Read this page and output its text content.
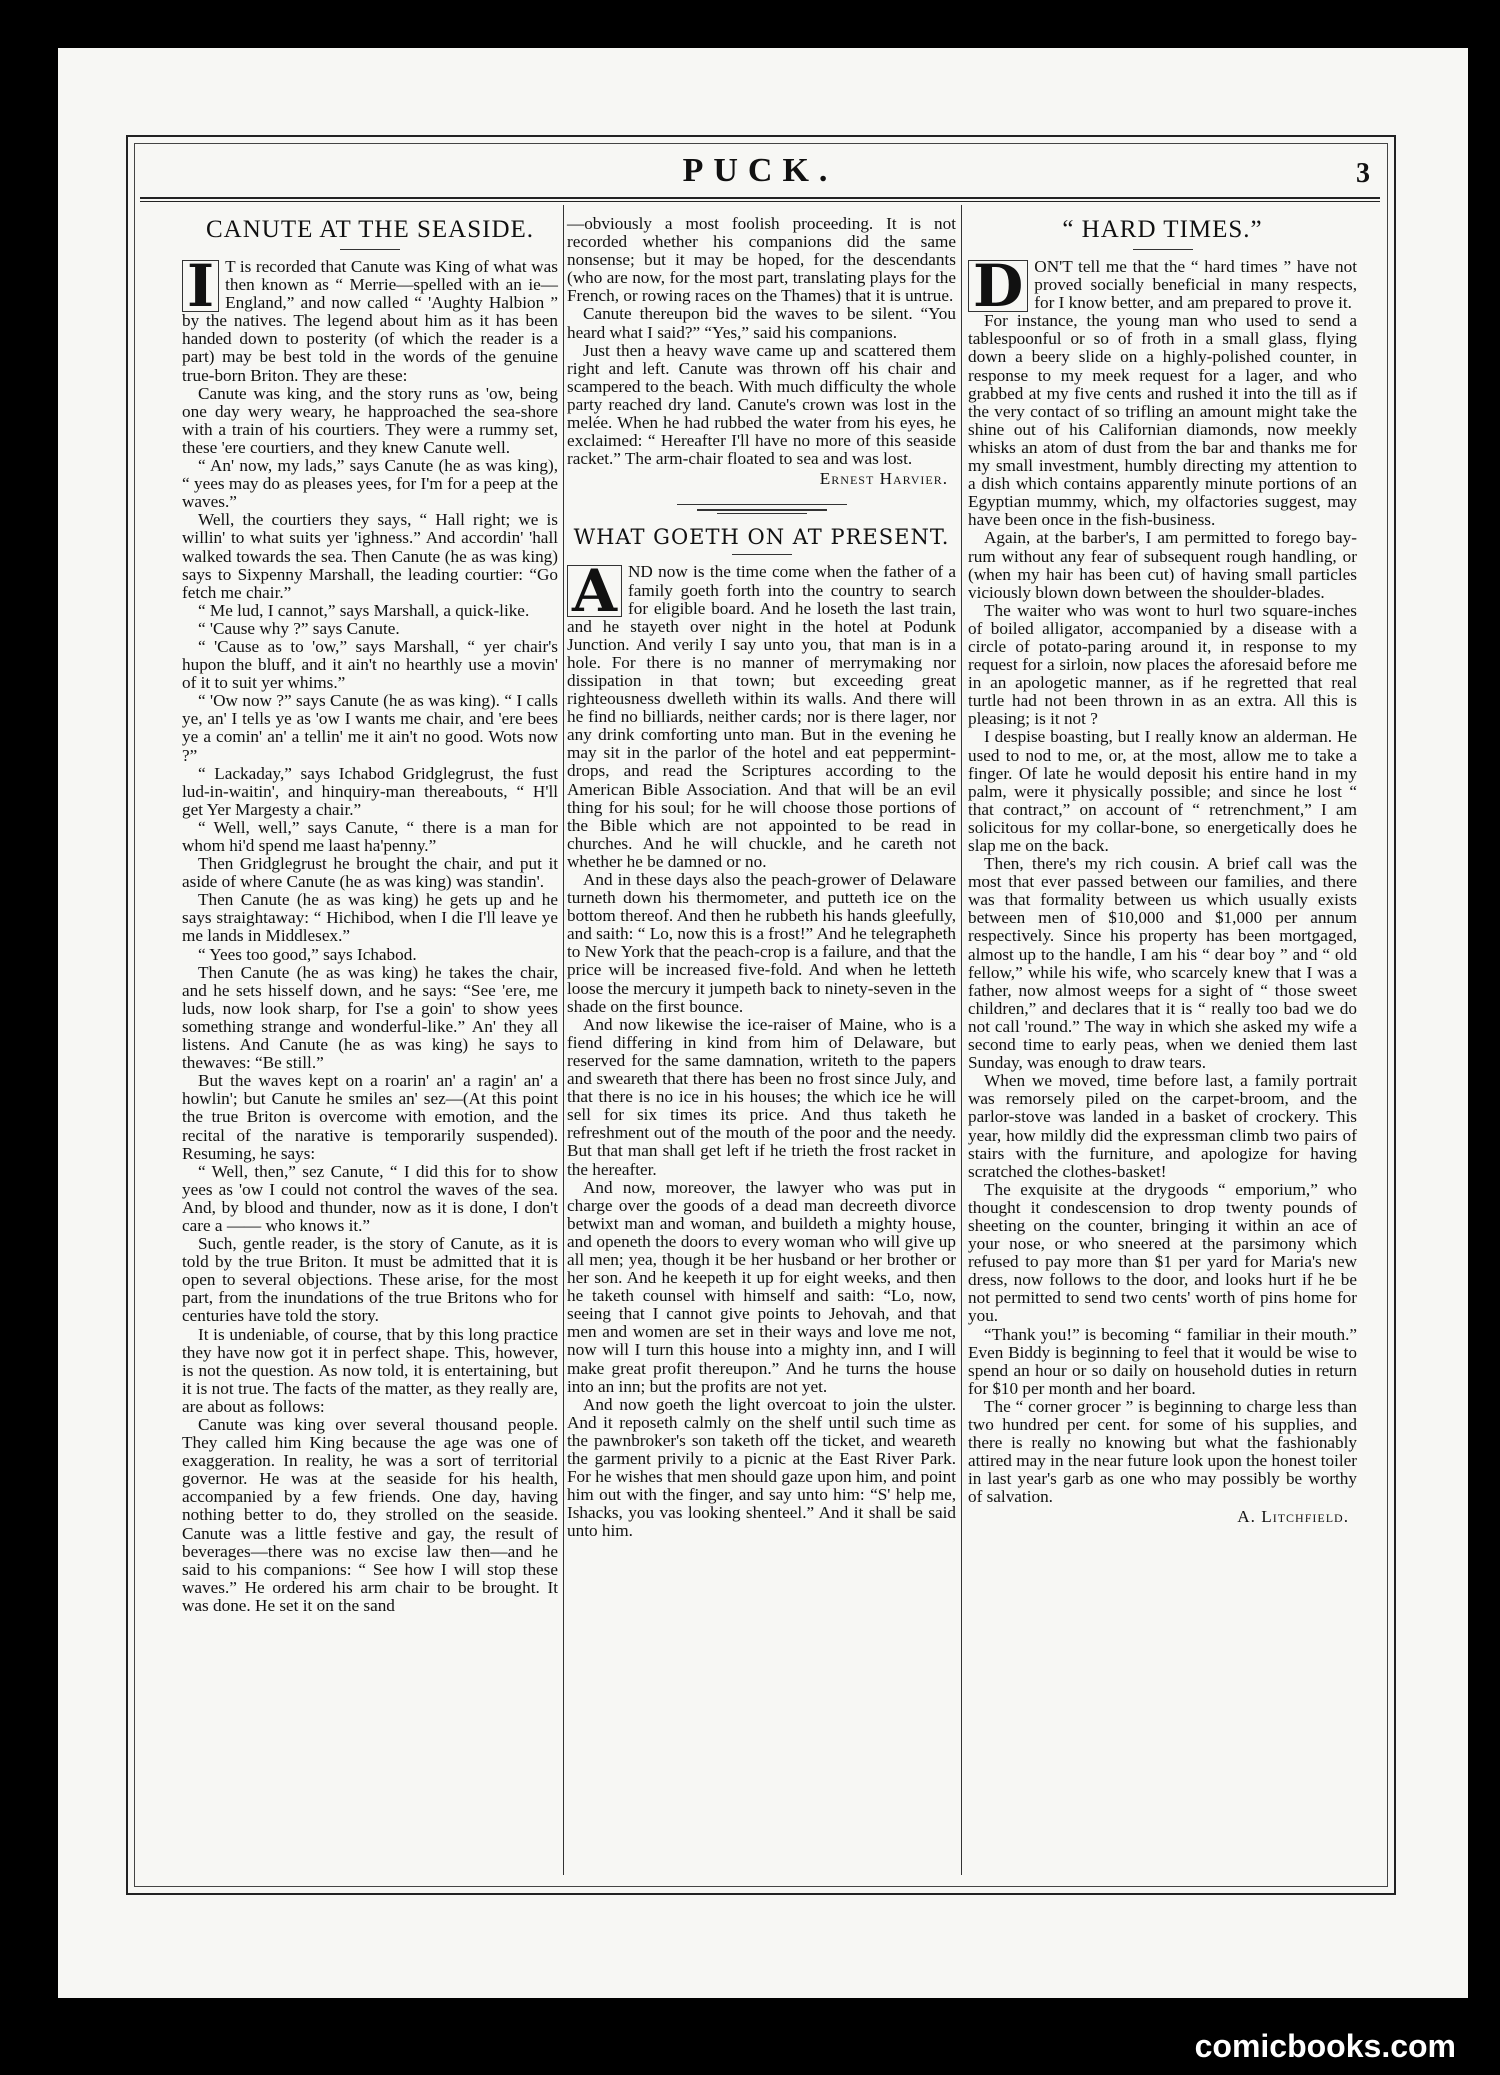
PUCK.	3
CANUTE AT THE SEASIDE.
I T is recorded that Canute was King of what was then known as “ Merrie—spelled with an ie—England,” and now called “ 'Aughty Halbion ” by the natives. The legend about him as it has been handed down to posterity (of which the reader is a part) may be best told in the words of the genuine true-born Briton. They are these:

Canute was king, and the story runs as 'ow, being one day wery weary, he happroached the sea-shore with a train of his courtiers. They were a rummy set, these 'ere courtiers, and they knew Canute well.

“ An' now, my lads,” says Canute (he as was king), “ yees may do as pleases yees, for I'm for a peep at the waves.”

Well, the courtiers they says, “ Hall right; we is willin' to what suits yer 'ighness.” And accordin' 'hall walked towards the sea. Then Canute (he as was king) says to Sixpenny Marshall, the leading courtier: “Go fetch me chair.”

“ Me lud, I cannot,” says Marshall, a quick-like.

“ 'Cause why ?” says Canute.

“ 'Cause as to 'ow,” says Marshall, “ yer chair's hupon the bluff, and it ain't no hearthly use a movin' of it to suit yer whims.”

“ 'Ow now ?” says Canute (he as was king). “ I calls ye, an' I tells ye as 'ow I wants me chair, and 'ere bees ye a comin' an' a tellin' me it ain't no good. Wots now ?”

“ Lackaday,” says Ichabod Gridglegrust, the fust lud-in-waitin', and hinquiry-man thereabouts, “ H'll get Yer Margesty a chair.”

“ Well, well,” says Canute, “ there is a man for whom hi'd spend me laast ha'penny.”

Then Gridglegrust he brought the chair, and put it aside of where Canute (he as was king) was standin'.

Then Canute (he as was king) he gets up and he says straightaway: “ Hichibod, when I die I'll leave ye me lands in Middlesex.”

“ Yees too good,” says Ichabod.

Then Canute (he as was king) he takes the chair, and he sets hisself down, and he says: “See 'ere, me luds, now look sharp, for I'se a goin' to show yees something strange and wonderful-like.” An' they all listens. And Canute (he as was king) he says to thewaves: “Be still.”

But the waves kept on a roarin' an' a ragin' an' a howlin'; but Canute he smiles an' sez—(At this point the true Briton is overcome with emotion, and the recital of the narative is temporarily suspended). Resuming, he says:

“ Well, then,” sez Canute, “ I did this for to show yees as 'ow I could not control the waves of the sea. And, by blood and thunder, now as it is done, I don't care a —— who knows it.”

Such, gentle reader, is the story of Canute, as it is told by the true Briton. It must be admitted that it is open to several objections. These arise, for the most part, from the inundations of the true Britons who for centuries have told the story.

It is undeniable, of course, that by this long practice they have now got it in perfect shape. This, however, is not the question. As now told, it is entertaining, but it is not true. The facts of the matter, as they really are, are about as follows:

Canute was king over several thousand people. They called him King because the age was one of exaggeration. In reality, he was a sort of territorial governor. He was at the seaside for his health, accompanied by a few friends. One day, having nothing better to do, they strolled on the seaside. Canute was a little festive and gay, the result of beverages—there was no excise law then—and he said to his companions: “ See how I will stop these waves.” He ordered his arm chair to be brought. It was done. He set it on the sand

—obviously a most foolish proceeding. It is not recorded whether his companions did the same nonsense; but it may be hoped, for the descendants (who are now, for the most part, translating plays for the French, or rowing races on the Thames) that it is untrue.

Canute thereupon bid the waves to be silent. “You heard what I said?” “Yes,” said his companions.

Just then a heavy wave came up and scattered them right and left. Canute was thrown off his chair and scampered to the beach. With much difficulty the whole party reached dry land. Canute's crown was lost in the melée. When he had rubbed the water from his eyes, he exclaimed: “ Hereafter I'll have no more of this seaside racket.” The arm-chair floated to sea and was lost.

Ernest Harvier.
WHAT GOETH ON AT PRESENT.
A ND now is the time come when the father of a family goeth forth into the country to search for eligible board. And he loseth the last train, and he stayeth over night in the hotel at Podunk Junction. And verily I say unto you, that man is in a hole. For there is no manner of merrymaking nor dissipation in that town; but exceeding great righteousness dwelleth within its walls. And there will he find no billiards, neither cards; nor is there lager, nor any drink comforting unto man. But in the evening he may sit in the parlor of the hotel and eat peppermint-drops, and read the Scriptures according to the American Bible Association. And that will be an evil thing for his soul; for he will choose those portions of the Bible which are not appointed to be read in churches. And he will chuckle, and he careth not whether he be damned or no.

And in these days also the peach-grower of Delaware turneth down his thermometer, and putteth ice on the bottom thereof. And then he rubbeth his hands gleefully, and saith: “ Lo, now this is a frost!” And he telegrapheth to New York that the peach-crop is a failure, and that the price will be increased five-fold. And when he letteth loose the mercury it jumpeth back to ninety-seven in the shade on the first bounce.

And now likewise the ice-raiser of Maine, who is a fiend differing in kind from him of Delaware, but reserved for the same damnation, writeth to the papers and sweareth that there has been no frost since July, and that there is no ice in his houses; the which ice he will sell for six times its price. And thus taketh he refreshment out of the mouth of the poor and the needy. But that man shall get left if he trieth the frost racket in the hereafter.

And now, moreover, the lawyer who was put in charge over the goods of a dead man decreeth divorce betwixt man and woman, and buildeth a mighty house, and openeth the doors to every woman who will give up all men; yea, though it be her husband or her brother or her son. And he keepeth it up for eight weeks, and then he taketh counsel with himself and saith: “Lo, now, seeing that I cannot give points to Jehovah, and that men and women are set in their ways and love me not, now will I turn this house into a mighty inn, and I will make great profit thereupon.” And he turns the house into an inn; but the profits are not yet.

And now goeth the light overcoat to join the ulster. And it reposeth calmly on the shelf until such time as the pawnbroker's son taketh off the ticket, and weareth the garment privily to a picnic at the East River Park. For he wishes that men should gaze upon him, and point him out with the finger, and say unto him: “S' help me, Ishacks, you vas looking shenteel.” And it shall be said unto him.

“ HARD TIMES.”
D ON'T tell me that the “ hard times ” have not proved socially beneficial in many respects, for I know better, and am prepared to prove it.

For instance, the young man who used to send a tablespoonful or so of froth in a small glass, flying down a beery slide on a highly-polished counter, in response to my meek request for a lager, and who grabbed at my five cents and rushed it into the till as if the very contact of so trifling an amount might take the shine out of his Californian diamonds, now meekly whisks an atom of dust from the bar and thanks me for my small investment, humbly directing my attention to a dish which contains apparently minute portions of an Egyptian mummy, which, my olfactories suggest, may have been once in the fish-business.

Again, at the barber's, I am permitted to forego bay-rum without any fear of subsequent rough handling, or (when my hair has been cut) of having small particles viciously blown down between the shoulder-blades.

The waiter who was wont to hurl two square-inches of boiled alligator, accompanied by a disease with a circle of potato-paring around it, in response to my request for a sirloin, now places the aforesaid before me in an apologetic manner, as if he regretted that real turtle had not been thrown in as an extra. All this is pleasing; is it not ?

I despise boasting, but I really know an alderman. He used to nod to me, or, at the most, allow me to take a finger. Of late he would deposit his entire hand in my palm, were it physically possible; and since he lost “ that contract,” on account of “ retrenchment,” I am solicitous for my collar-bone, so energetically does he slap me on the back.

Then, there's my rich cousin. A brief call was the most that ever passed between our families, and there was that formality between us which usually exists between men of $10,000 and $1,000 per annum respectively. Since his property has been mortgaged, almost up to the handle, I am his “ dear boy ” and “ old fellow,” while his wife, who scarcely knew that I was a father, now almost weeps for a sight of “ those sweet children,” and declares that it is “ really too bad we do not call 'round.” The way in which she asked my wife a second time to early peas, when we denied them last Sunday, was enough to draw tears.

When we moved, time before last, a family portrait was remorsely piled on the carpet-broom, and the parlor-stove was landed in a basket of crockery. This year, how mildly did the expressman climb two pairs of stairs with the furniture, and apologize for having scratched the clothes-basket!

The exquisite at the drygoods “ emporium,” who thought it condescension to drop twenty pounds of sheeting on the counter, bringing it within an ace of your nose, or who sneered at the parsimony which refused to pay more than $1 per yard for Maria's new dress, now follows to the door, and looks hurt if he be not permitted to send two cents' worth of pins home for you.

“Thank you!” is becoming “ familiar in their mouth.” Even Biddy is beginning to feel that it would be wise to spend an hour or so daily on household duties in return for $10 per month and her board.

The “ corner grocer ” is beginning to charge less than two hundred per cent. for some of his supplies, and there is really no knowing but what the fashionably attired may in the near future look upon the honest toiler in last year's garb as one who may possibly be worthy of salvation.

A. Litchfield.
comicbooks.com
